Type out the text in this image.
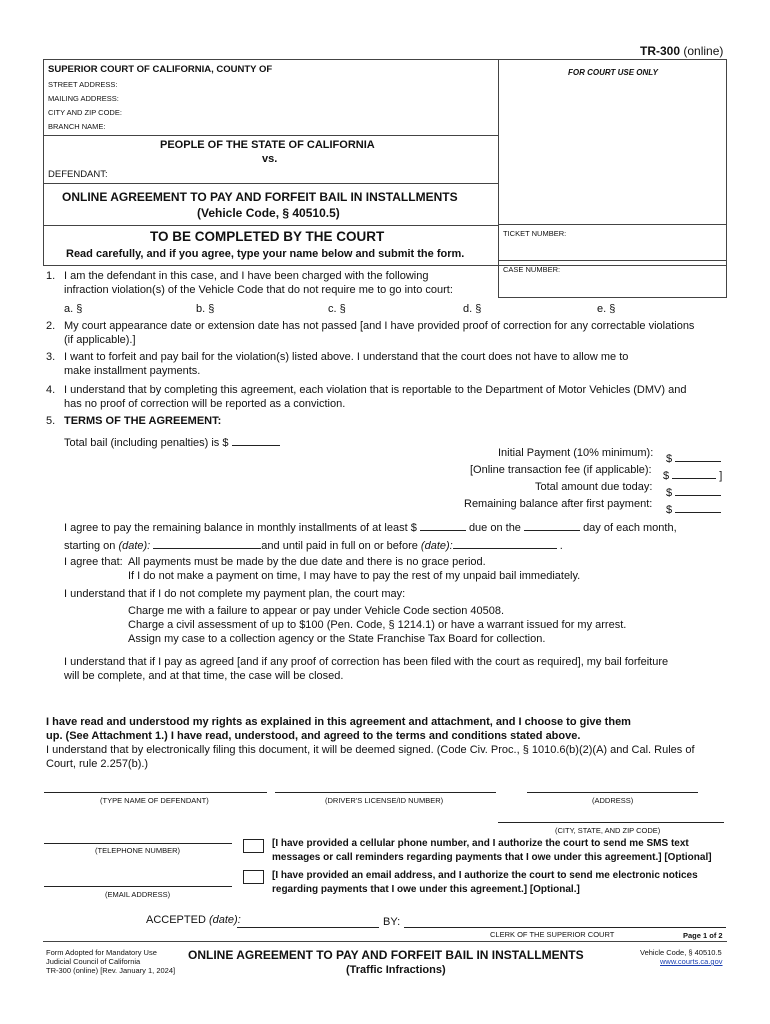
TR-300 (online)
SUPERIOR COURT OF CALIFORNIA, COUNTY OF
STREET ADDRESS:
MAILING ADDRESS:
CITY AND ZIP CODE:
BRANCH NAME:
FOR COURT USE ONLY
PEOPLE OF THE STATE OF CALIFORNIA
vs.
DEFENDANT:
ONLINE AGREEMENT TO PAY AND FORFEIT BAIL IN INSTALLMENTS
(Vehicle Code, § 40510.5)
TICKET NUMBER:
CASE NUMBER:
TO BE COMPLETED BY THE COURT
Read carefully, and if you agree, type your name below and submit the form.
1. I am the defendant in this case, and I have been charged with the following
infraction violation(s) of the Vehicle Code that do not require me to go into court:
a. §	b. §	c. §	d. §	e. §
2. My court appearance date or extension date has not passed [and I have provided proof of correction for any correctable violations
(if applicable).]
3. I want to forfeit and pay bail for the violation(s) listed above. I understand that the court does not have to allow me to
make installment payments.
4. I understand that by completing this agreement, each violation that is reportable to the Department of Motor Vehicles (DMV) and
has no proof of correction will be reported as a conviction.
5. TERMS OF THE AGREEMENT:
Total bail (including penalties) is $
Initial Payment (10% minimum): $
[Online transaction fee (if applicable): $	]
Total amount due today: $
Remaining balance after first payment: $
I agree to pay the remaining balance in monthly installments of at least $	due on the	day of each month,
starting on (date):	and until paid in full on or before (date):	.
I agree that: All payments must be made by the due date and there is no grace period.
If I do not make a payment on time, I may have to pay the rest of my unpaid bail immediately.
I understand that if I do not complete my payment plan, the court may:
Charge me with a failure to appear or pay under Vehicle Code section 40508.
Charge a civil assessment of up to $100 (Pen. Code, § 1214.1) or have a warrant issued for my arrest.
Assign my case to a collection agency or the State Franchise Tax Board for collection.
I understand that if I pay as agreed [and if any proof of correction has been filed with the court as required], my bail forfeiture
will be complete, and at that time, the case will be closed.
I have read and understood my rights as explained in this agreement and attachment, and I choose to give them
up. (See Attachment 1.) I have read, understood, and agreed to the terms and conditions stated above.
I understand that by electronically filing this document, it will be deemed signed. (Code Civ. Proc., § 1010.6(b)(2)(A) and Cal. Rules of
Court, rule 2.257(b).)
(TYPE NAME OF DEFENDANT)	(DRIVER'S LICENSE/ID NUMBER)	(ADDRESS)
(CITY, STATE, AND ZIP CODE)
(TELEPHONE NUMBER)
[I have provided a cellular phone number, and I authorize the court to send me SMS text
messages or call reminders regarding payments that I owe under this agreement.] [Optional]
[I have provided an email address, and I authorize the court to send me electronic notices
regarding payments that I owe under this agreement.] [Optional.]
(EMAIL ADDRESS)
ACCEPTED (date):	BY:
CLERK OF THE SUPERIOR COURT	Page 1 of 2
Form Adopted for Mandatory Use
Judicial Council of California
TR-300 (online) [Rev. January 1, 2024]
ONLINE AGREEMENT TO PAY AND FORFEIT BAIL IN INSTALLMENTS
(Traffic Infractions)
Vehicle Code, § 40510.5
www.courts.ca.gov
